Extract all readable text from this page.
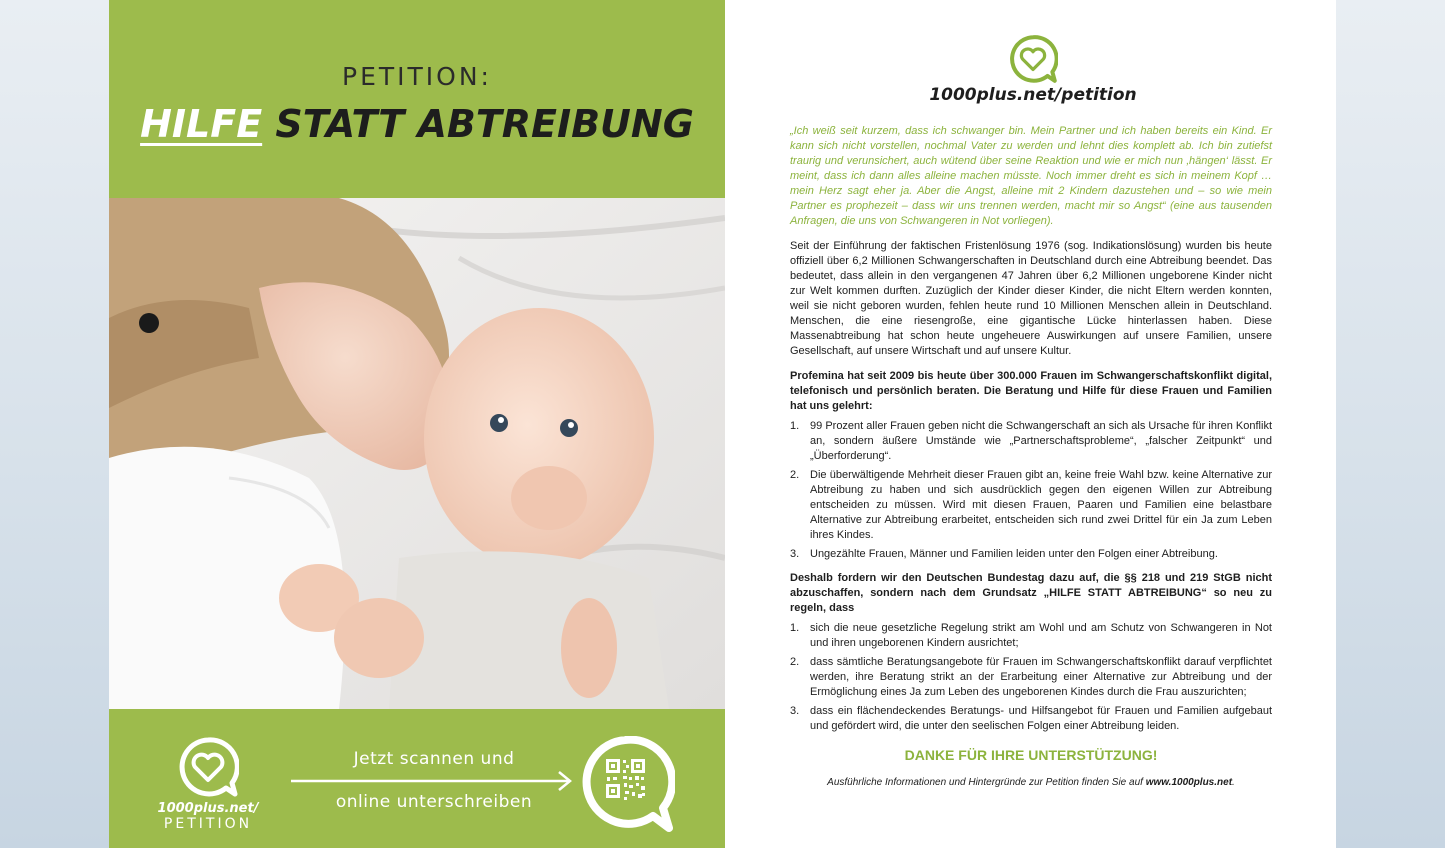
PETITION:
HILFE STATT ABTREIBUNG
1000plus.net/
PETITION
Jetzt scannen und
online unterschreiben
1000plus.net/petition

„Ich weiß seit kurzem, dass ich schwanger bin. Mein Partner und ich haben bereits ein Kind. Er kann sich nicht vorstellen, nochmal Vater zu werden und lehnt dies komplett ab. Ich bin zutiefst traurig und verunsichert, auch wütend über seine Reaktion und wie er mich nun ‚hängen‘ lässt. Er meint, dass ich dann alles alleine machen müsste. Noch immer dreht es sich in meinem Kopf … mein Herz sagt eher ja. Aber die Angst, alleine mit 2 Kindern dazustehen und – so wie mein Partner es prophezeit – dass wir uns trennen werden, macht mir so Angst“ (eine aus tausenden Anfragen, die uns von Schwangeren in Not vorliegen).

Seit der Einführung der faktischen Fristenlösung 1976 (sog. Indikationslösung) wurden bis heute offiziell über 6,2 Millionen Schwangerschaften in Deutschland durch eine Abtreibung beendet. Das bedeutet, dass allein in den vergangenen 47 Jahren über 6,2 Millionen ungeborene Kinder nicht zur Welt kommen durften. Zuzüglich der Kinder dieser Kinder, die nicht Eltern werden konnten, weil sie nicht geboren wurden, fehlen heute rund 10 Millionen Menschen allein in Deutschland. Menschen, die eine riesengroße, eine gigantische Lücke hinterlassen haben. Diese Massenabtreibung hat schon heute ungeheuere Auswirkungen auf unsere Familien, unsere Gesellschaft, auf unsere Wirtschaft und auf unsere Kultur.

Profemina hat seit 2009 bis heute über 300.000 Frauen im Schwangerschaftskonflikt digital, telefonisch und persönlich beraten. Die Beratung und Hilfe für diese Frauen und Familien hat uns gelehrt:

1. 99 Prozent aller Frauen geben nicht die Schwangerschaft an sich als Ursache für ihren Konflikt an, sondern äußere Umstände wie „Partnerschaftsprobleme“, „falscher Zeitpunkt“ und „Überforderung“.
2. Die überwältigende Mehrheit dieser Frauen gibt an, keine freie Wahl bzw. keine Alternative zur Abtreibung zu haben und sich ausdrücklich gegen den eigenen Willen zur Abtreibung entscheiden zu müssen. Wird mit diesen Frauen, Paaren und Familien eine belastbare Alternative zur Abtreibung erarbeitet, entscheiden sich rund zwei Drittel für ein Ja zum Leben ihres Kindes.
3. Ungezählte Frauen, Männer und Familien leiden unter den Folgen einer Abtreibung.

Deshalb fordern wir den Deutschen Bundestag dazu auf, die §§ 218 und 219 StGB nicht abzuschaffen, sondern nach dem Grundsatz „HILFE STATT ABTREIBUNG“ so neu zu regeln, dass

1. sich die neue gesetzliche Regelung strikt am Wohl und am Schutz von Schwangeren in Not und ihren ungeborenen Kindern ausrichtet;
2. dass sämtliche Beratungsangebote für Frauen im Schwangerschaftskonflikt darauf verpflichtet werden, ihre Beratung strikt an der Erarbeitung einer Alternative zur Abtreibung und der Ermöglichung eines Ja zum Leben des ungeborenen Kindes durch die Frau auszurichten;
3. dass ein flächendeckendes Beratungs- und Hilfsangebot für Frauen und Familien aufgebaut und gefördert wird, die unter den seelischen Folgen einer Abtreibung leiden.
DANKE FÜR IHRE UNTERSTÜTZUNG!
Ausführliche Informationen und Hintergründe zur Petition finden Sie auf www.1000plus.net.
